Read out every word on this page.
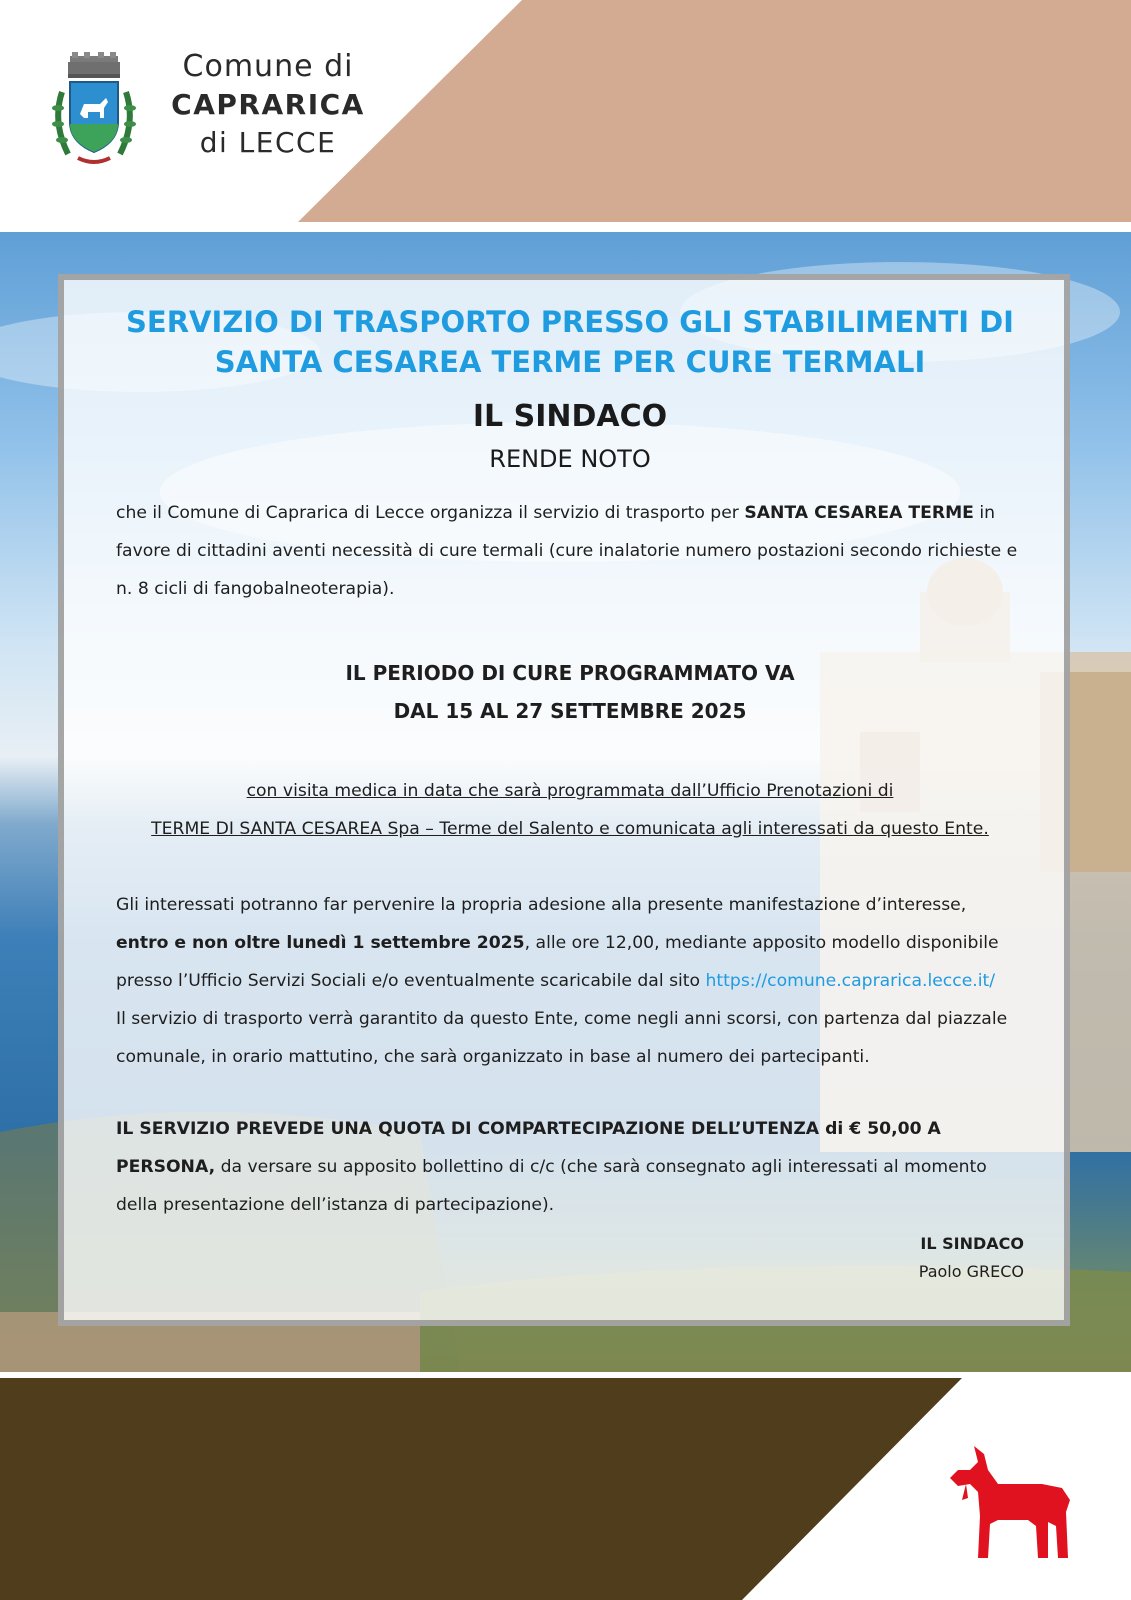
Comune di
CAPRARICA
di LECCE
SERVIZIO DI TRASPORTO PRESSO GLI STABILIMENTI DI
SANTA CESAREA TERME PER CURE TERMALI
IL SINDACO
RENDE NOTO

che il Comune di Caprarica di Lecce organizza il servizio di trasporto per SANTA CESAREA TERME in favore di cittadini aventi necessità di cure termali (cure inalatorie numero postazioni secondo richieste e n. 8 cicli di fangobalneoterapia).

IL PERIODO DI CURE PROGRAMMATO VA
DAL 15 AL 27 SETTEMBRE 2025
con visita medica in data che sarà programmata dall’Ufficio Prenotazioni di
TERME DI SANTA CESAREA Spa – Terme del Salento e comunicata agli interessati da questo Ente.

Gli interessati potranno far pervenire la propria adesione alla presente manifestazione d’interesse, entro e non oltre lunedì 1 settembre 2025, alle ore 12,00, mediante apposito modello disponibile presso l’Ufficio Servizi Sociali e/o eventualmente scaricabile dal sito https://comune.caprarica.lecce.it/
Il servizio di trasporto verrà garantito da questo Ente, come negli anni scorsi, con partenza dal piazzale comunale, in orario mattutino, che sarà organizzato in base al numero dei partecipanti.

IL SERVIZIO PREVEDE UNA QUOTA DI COMPARTECIPAZIONE DELL’UTENZA di € 50,00 A PERSONA, da versare su apposito bollettino di c/c (che sarà consegnato agli interessati al momento della presentazione dell’istanza di partecipazione).

IL SINDACO
Paolo GRECO
